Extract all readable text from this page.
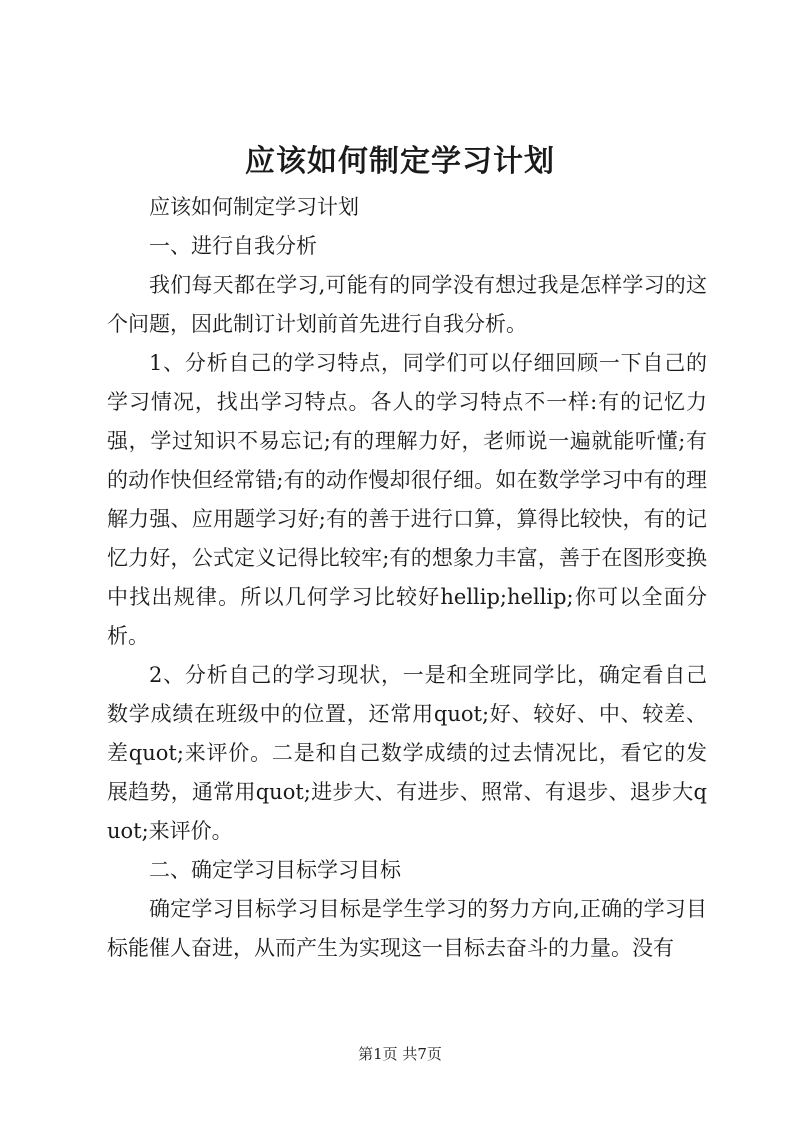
应该如何制定学习计划

应该如何制定学习计划

一、进行自我分析

我们每天都在学习,可能有的同学没有想过我是怎样学习的这个问题，因此制订计划前首先进行自我分析。

1、分析自己的学习特点，同学们可以仔细回顾一下自己的学习情况，找出学习特点。各人的学习特点不一样:有的记忆力强，学过知识不易忘记;有的理解力好，老师说一遍就能听懂;有的动作快但经常错;有的动作慢却很仔细。如在数学学习中有的理解力强、应用题学习好;有的善于进行口算，算得比较快，有的记忆力好，公式定义记得比较牢;有的想象力丰富，善于在图形变换中找出规律。所以几何学习比较好hellip;hellip;你可以全面分析。

2、分析自己的学习现状，一是和全班同学比，确定看自己数学成绩在班级中的位置，还常用quot;好、较好、中、较差、差quot;来评价。二是和自己数学成绩的过去情况比，看它的发展趋势，通常用quot;进步大、有进步、照常、有退步、退步大quot;来评价。

二、确定学习目标学习目标

确定学习目标学习目标是学生学习的努力方向,正确的学习目标能催人奋进，从而产生为实现这一目标去奋斗的力量。没有

第1页 共7页
